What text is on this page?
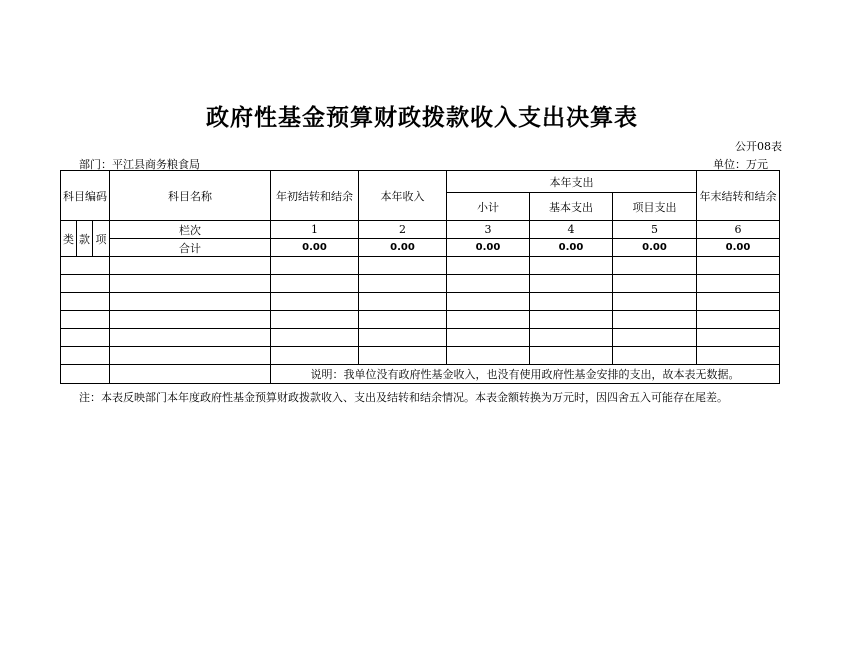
政府性基金预算财政拨款收入支出决算表
公开08表
部门：平江县商务粮食局	单位：万元
科目编码			科目名称	年初结转和结余	本年收入	本年支出			年末结转和结余
						小计	基本支出	项目支出	
类	款	项	栏次	1	2	3	4	5	6
			合计	0.00	0.00	0.00	0.00	0.00	0.00

				说明：我单位没有政府性基金收入，也没有使用政府性基金安排的支出，故本表无数据。					
注：本表反映部门本年度政府性基金预算财政拨款收入、支出及结转和结余情况。本表金额转换为万元时，因四舍五入可能存在尾差。
